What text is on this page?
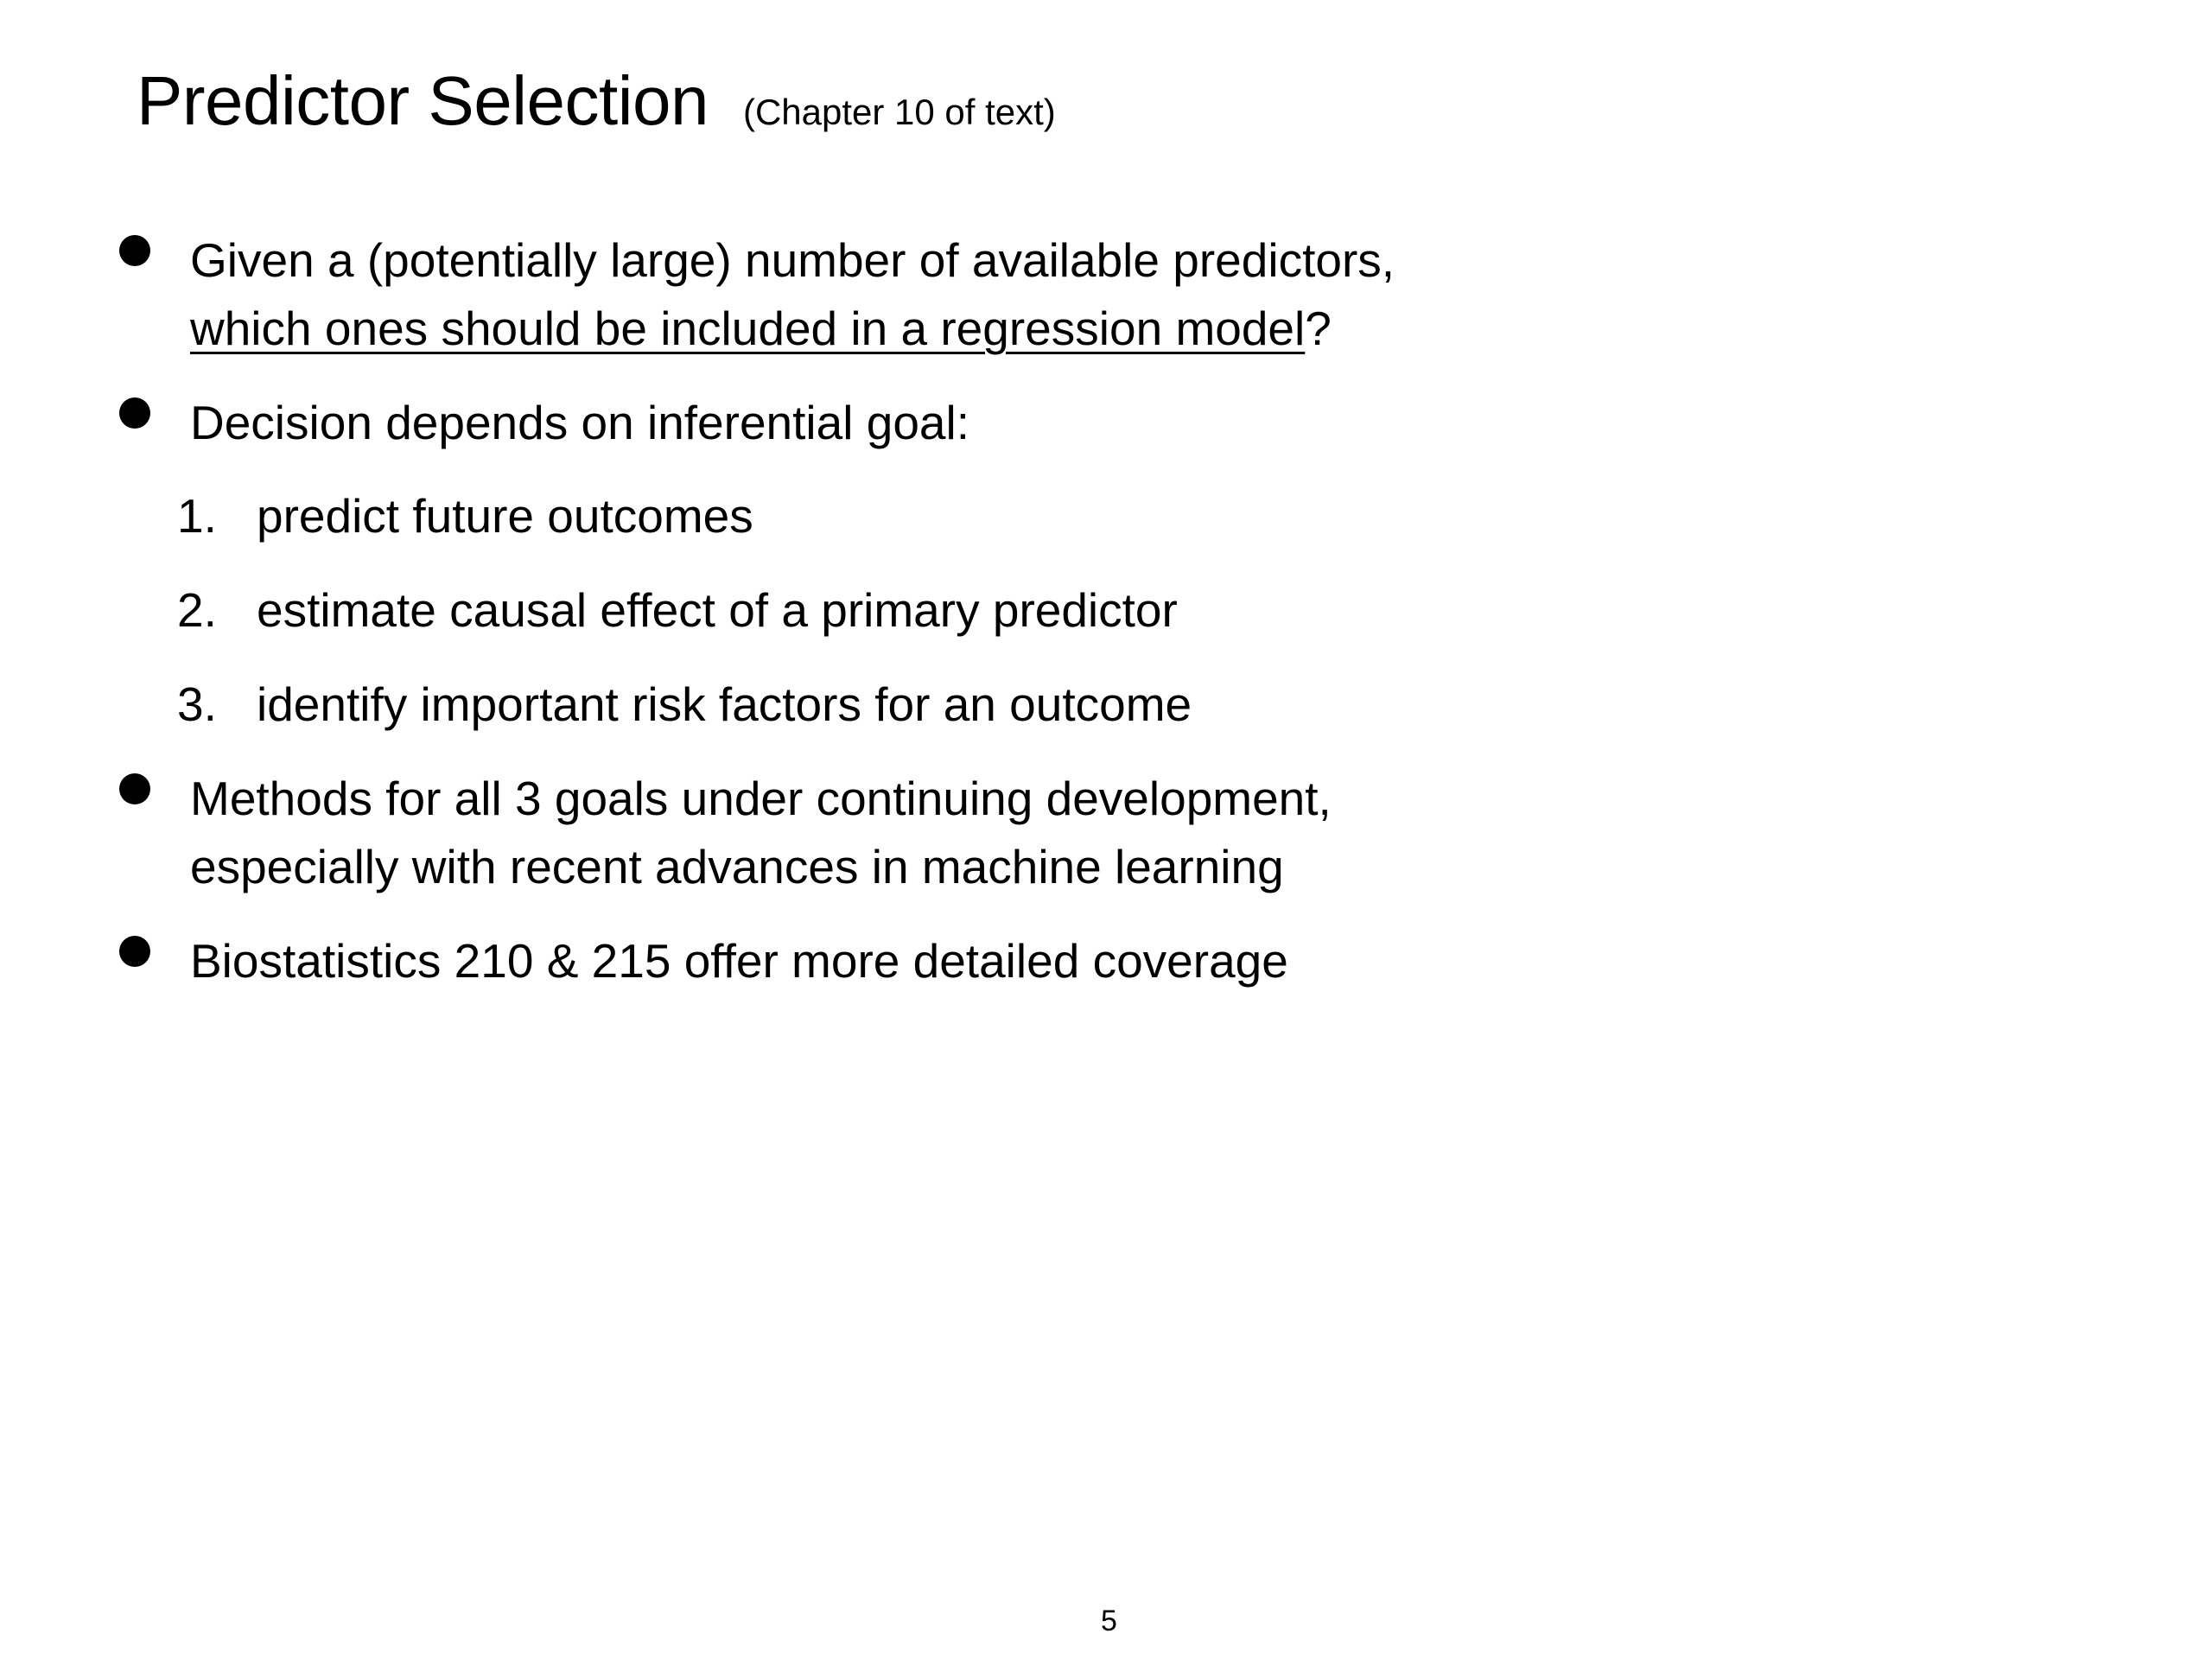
Predictor Selection (Chapter 10 of text)
Given a (potentially large) number of available predictors,
which ones should be included in a regression model?
Decision depends on inferential goal:
1. predict future outcomes
2. estimate causal effect of a primary predictor
3. identify important risk factors for an outcome
Methods for all 3 goals under continuing development,
especially with recent advances in machine learning
Biostatistics 210 & 215 offer more detailed coverage
5
